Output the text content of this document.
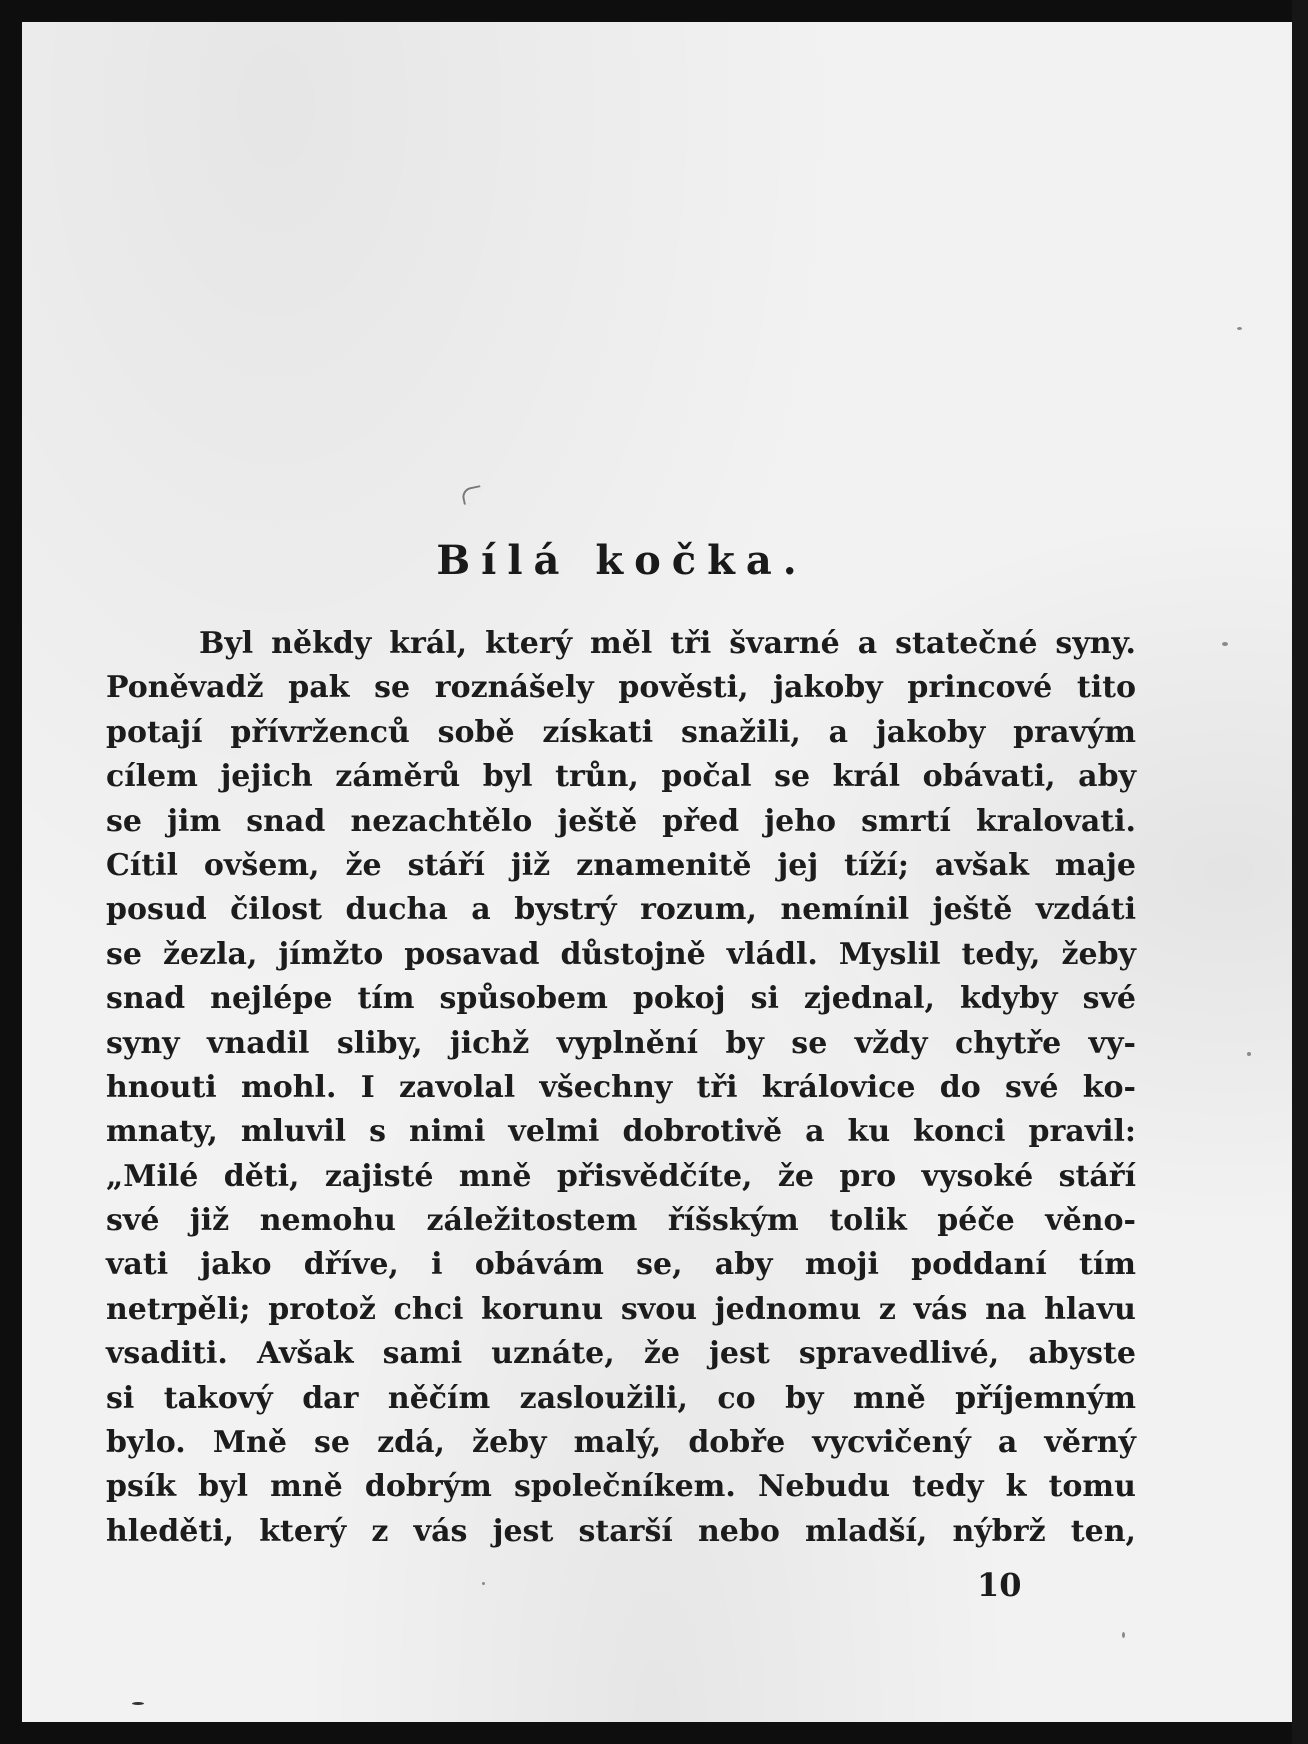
Bílá kočka.
Byl někdy král, který měl tři švarné a statečné syny.
Poněvadž pak se roznášely pověsti, jakoby princové tito
potají přívrženců sobě získati snažili, a jakoby pravým
cílem jejich záměrů byl trůn, počal se král obávati, aby
se jim snad nezachtělo ještě před jeho smrtí kralovati.
Cítil ovšem, že stáří již znamenitě jej tíží; avšak maje
posud čilost ducha a bystrý rozum, nemínil ještě vzdáti
se žezla, jímžto posavad důstojně vládl. Myslil tedy, žeby
snad nejlépe tím spůsobem pokoj si zjednal, kdyby své
syny vnadil sliby, jichž vyplnění by se vždy chytře vy-
hnouti mohl. I zavolal všechny tři královice do své ko-
mnaty, mluvil s nimi velmi dobrotivě a ku konci pravil:
„Milé děti, zajisté mně přisvědčíte, že pro vysoké stáří
své již nemohu záležitostem říšským tolik péče věno-
vati jako dříve, i obávám se, aby moji poddaní tím
netrpěli; protož chci korunu svou jednomu z vás na hlavu
vsaditi. Avšak sami uznáte, že jest spravedlivé, abyste
si takový dar něčím zasloužili, co by mně příjemným
bylo. Mně se zdá, žeby malý, dobře vycvičený a věrný
psík byl mně dobrým společníkem. Nebudu tedy k tomu
hleděti, který z vás jest starší nebo mladší, nýbrž ten,
10
